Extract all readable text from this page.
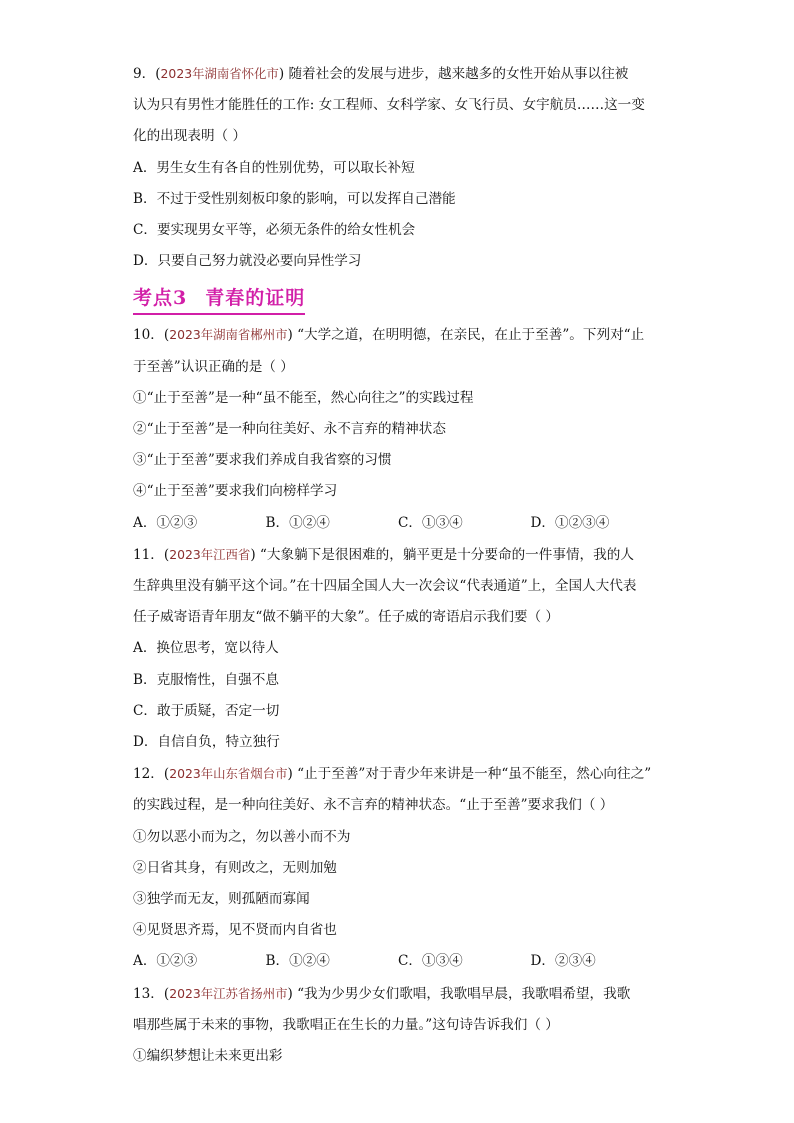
9．(2023年湖南省怀化市) 随着社会的发展与进步，越来越多的女性开始从事以往被
认为只有男性才能胜任的工作: 女工程师、女科学家、女飞行员、女宇航员……这一变
化的出现表明（ ）
A．男生女生有各自的性别优势，可以取长补短
B．不过于受性别刻板印象的影响，可以发挥自己潜能
C．要实现男女平等，必须无条件的给女性机会
D．只要自己努力就没必要向异性学习
考点3 青春的证明
10．(2023年湖南省郴州市) “大学之道，在明明德，在亲民，在止于至善”。下列对“止
于至善”认识正确的是（ ）
①“止于至善”是一种“虽不能至，然心向往之”的实践过程
②“止于至善”是一种向往美好、永不言弃的精神状态
③“止于至善”要求我们养成自我省察的习惯
④“止于至善”要求我们向榜样学习
A．①②③	B．①②④	C．①③④	D．①②③④
11．(2023年江西省) “大象躺下是很困难的，躺平更是十分要命的一件事情，我的人
生辞典里没有躺平这个词。”在十四届全国人大一次会议“代表通道”上，全国人大代表
任子威寄语青年朋友“做不躺平的大象”。任子威的寄语启示我们要（ ）
A．换位思考，宽以待人
B．克服惰性，自强不息
C．敢于质疑，否定一切
D．自信自负，特立独行
12．(2023年山东省烟台市) “止于至善”对于青少年来讲是一种“虽不能至，然心向往之”
的实践过程，是一种向往美好、永不言弃的精神状态。“止于至善”要求我们（ ）
①勿以恶小而为之，勿以善小而不为
②日省其身，有则改之，无则加勉
③独学而无友，则孤陋而寡闻
④见贤思齐焉，见不贤而内自省也
A．①②③	B．①②④	C．①③④	D．②③④
13．(2023年江苏省扬州市) “我为少男少女们歌唱，我歌唱早晨，我歌唱希望，我歌
唱那些属于未来的事物，我歌唱正在生长的力量。”这句诗告诉我们（ ）
①编织梦想让未来更出彩
